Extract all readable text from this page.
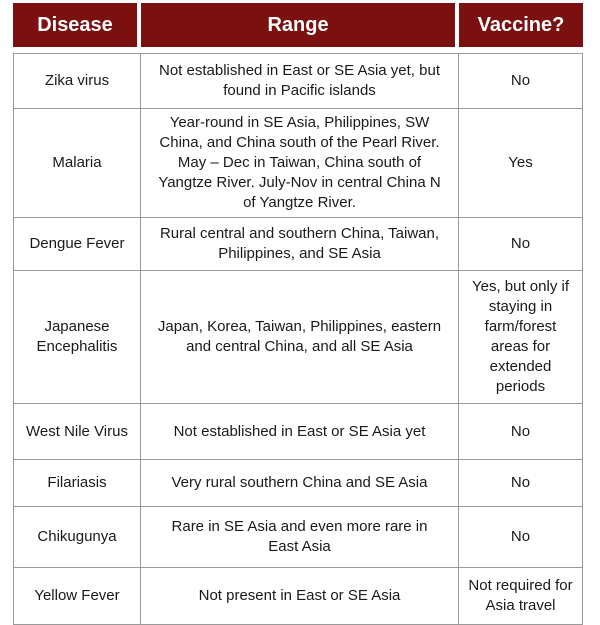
Disease	Range	Vaccine?

Zika virus	Not established in East or SE Asia yet, but found in Pacific islands	No
Malaria	Year-round in SE Asia, Philippines, SW China, and China south of the Pearl River. May – Dec in Taiwan, China south of Yangtze River. July-Nov in central China N of Yangtze River.	Yes
Dengue Fever	Rural central and southern China, Taiwan, Philippines, and SE Asia	No
Japanese Encephalitis	Japan, Korea, Taiwan, Philippines, eastern and central China, and all SE Asia	Yes, but only if staying in farm/forest areas for extended periods
West Nile Virus	Not established in East or SE Asia yet	No
Filariasis	Very rural southern China and SE Asia	No
Chikugunya	Rare in SE Asia and even more rare in East Asia	No
Yellow Fever	Not present in East or SE Asia	Not required for Asia travel
